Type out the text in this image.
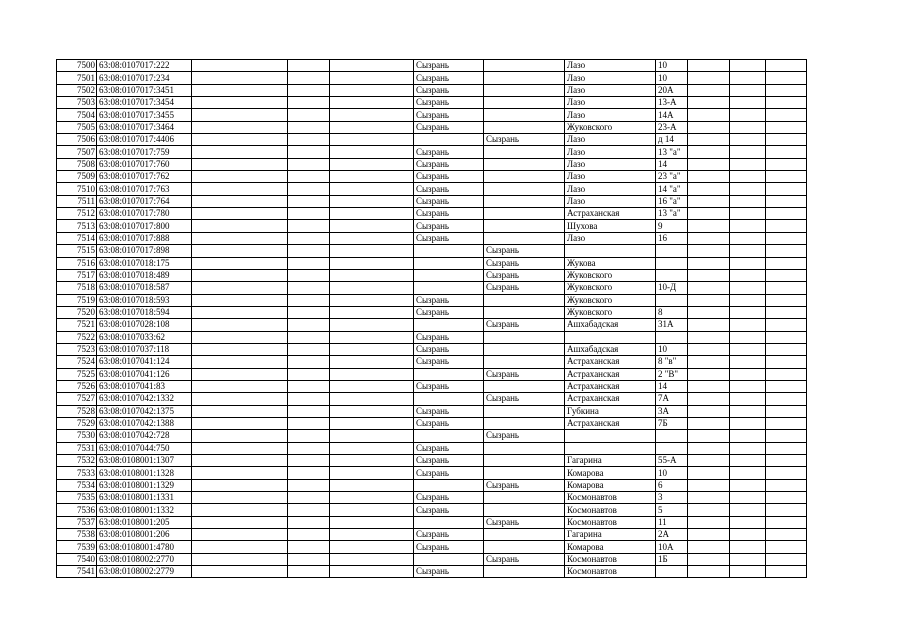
7500	63:08:0107017:222				Сызрань		Лазо	10			
7501	63:08:0107017:234				Сызрань		Лазо	10			
7502	63:08:0107017:3451				Сызрань		Лазо	20А			
7503	63:08:0107017:3454				Сызрань		Лазо	13-А			
7504	63:08:0107017:3455				Сызрань		Лазо	14А			
7505	63:08:0107017:3464				Сызрань		Жуковского	23-А			
7506	63:08:0107017:4406					Сызрань	Лазо	д 14			
7507	63:08:0107017:759				Сызрань		Лазо	13 "а"			
7508	63:08:0107017:760				Сызрань		Лазо	14			
7509	63:08:0107017:762				Сызрань		Лазо	23 "а"			
7510	63:08:0107017:763				Сызрань		Лазо	14 "а"			
7511	63:08:0107017:764				Сызрань		Лазо	16 "а"			
7512	63:08:0107017:780				Сызрань		Астраханская	13 "а"			
7513	63:08:0107017:800				Сызрань		Шухова	9			
7514	63:08:0107017:888				Сызрань		Лазо	16			
7515	63:08:0107017:898					Сызрань					
7516	63:08:0107018:175					Сызрань	Жукова				
7517	63:08:0107018:489					Сызрань	Жуковского				
7518	63:08:0107018:587					Сызрань	Жуковского	10-Д			
7519	63:08:0107018:593				Сызрань		Жуковского				
7520	63:08:0107018:594				Сызрань		Жуковского	8			
7521	63:08:0107028:108					Сызрань	Ашхабадская	31А			
7522	63:08:0107033:62				Сызрань						
7523	63:08:0107037:118				Сызрань		Ашхабадская	10			
7524	63:08:0107041:124				Сызрань		Астраханская	8 "в"			
7525	63:08:0107041:126					Сызрань	Астраханская	2 "В"			
7526	63:08:0107041:83				Сызрань		Астраханская	14			
7527	63:08:0107042:1332					Сызрань	Астраханская	7А			
7528	63:08:0107042:1375				Сызрань		Губкина	3А			
7529	63:08:0107042:1388				Сызрань		Астраханская	7Б			
7530	63:08:0107042:728					Сызрань					
7531	63:08:0107044:750				Сызрань						
7532	63:08:0108001:1307				Сызрань		Гагарина	55-А			
7533	63:08:0108001:1328				Сызрань		Комарова	10			
7534	63:08:0108001:1329					Сызрань	Комарова	6			
7535	63:08:0108001:1331				Сызрань		Космонавтов	3			
7536	63:08:0108001:1332				Сызрань		Космонавтов	5			
7537	63:08:0108001:205					Сызрань	Космонавтов	11			
7538	63:08:0108001:206				Сызрань		Гагарина	2А			
7539	63:08:0108001:4780				Сызрань		Комарова	10А			
7540	63:08:0108002:2770					Сызрань	Космонавтов	1Б			
7541	63:08:0108002:2779				Сызрань		Космонавтов				
